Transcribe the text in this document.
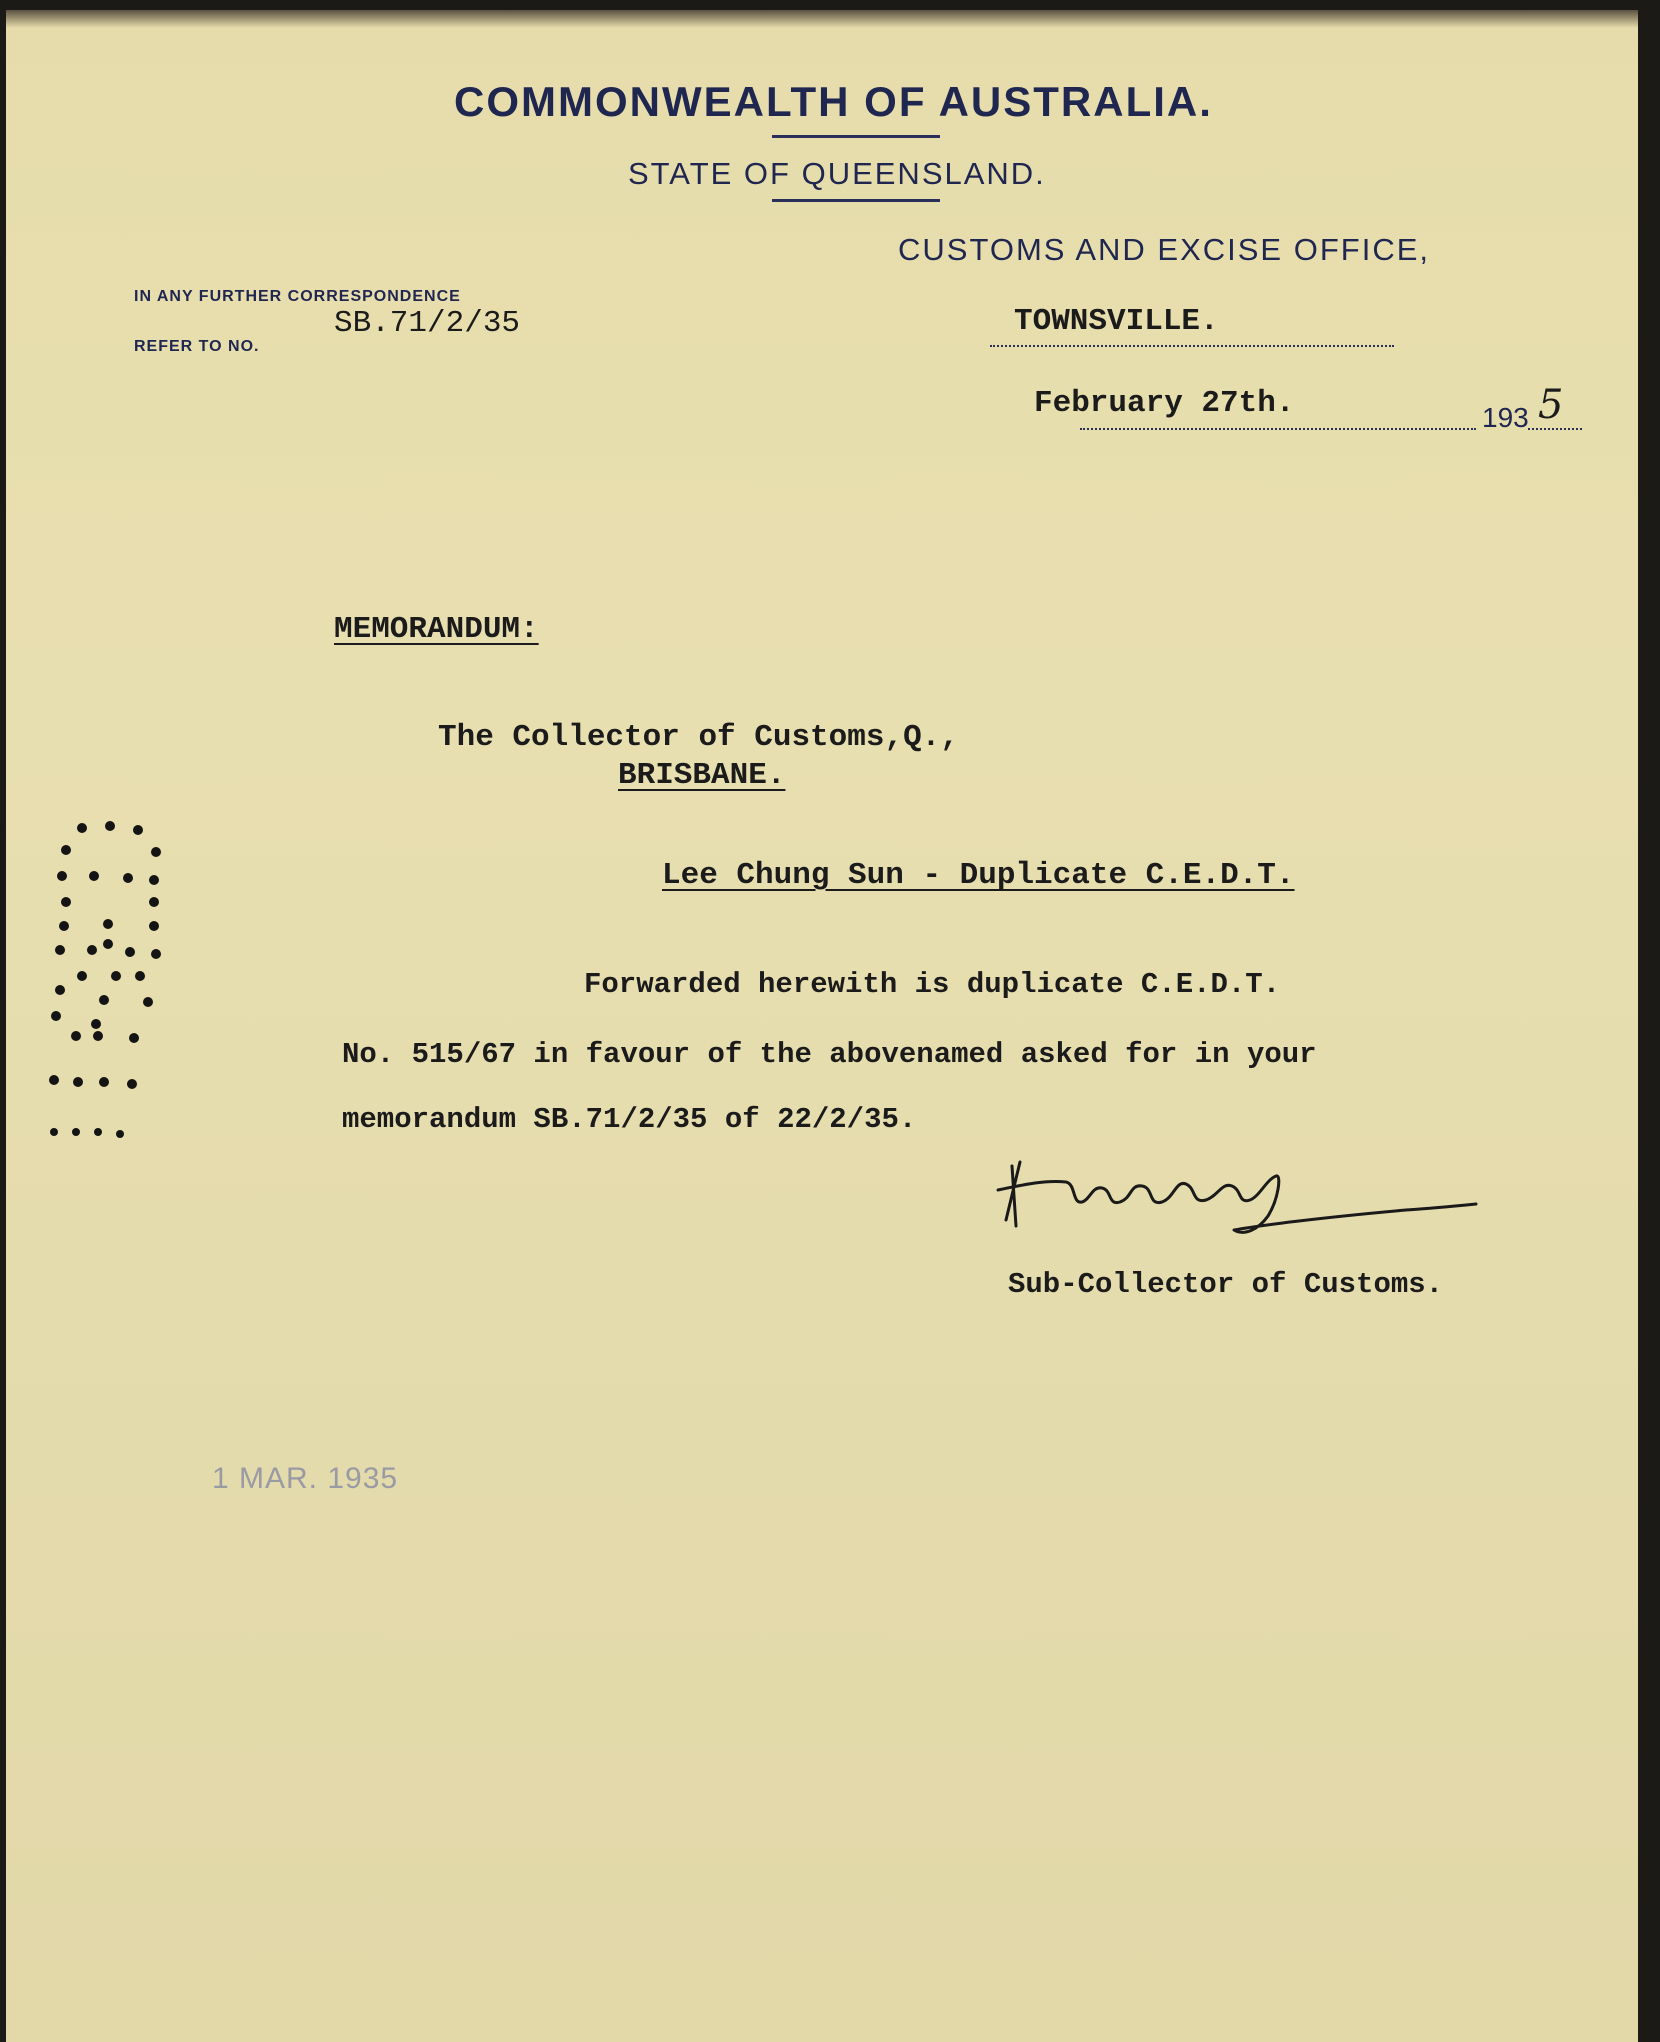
COMMONWEALTH OF AUSTRALIA.
STATE OF QUEENSLAND.
CUSTOMS AND EXCISE OFFICE,
IN ANY FURTHER CORRESPONDENCE
REFER TO NO.
SB.71/2/35	TOWNSVILLE.
February 27th.	193 5
MEMORANDUM:
The Collector of Customs,Q.,
BRISBANE.
Lee Chung Sun - Duplicate C.E.D.T.
Forwarded herewith is duplicate C.E.D.T.
No. 515/67 in favour of the abovenamed asked for in your
memorandum SB.71/2/35 of 22/2/35.
Sub-Collector of Customs.
1 MAR. 1935
